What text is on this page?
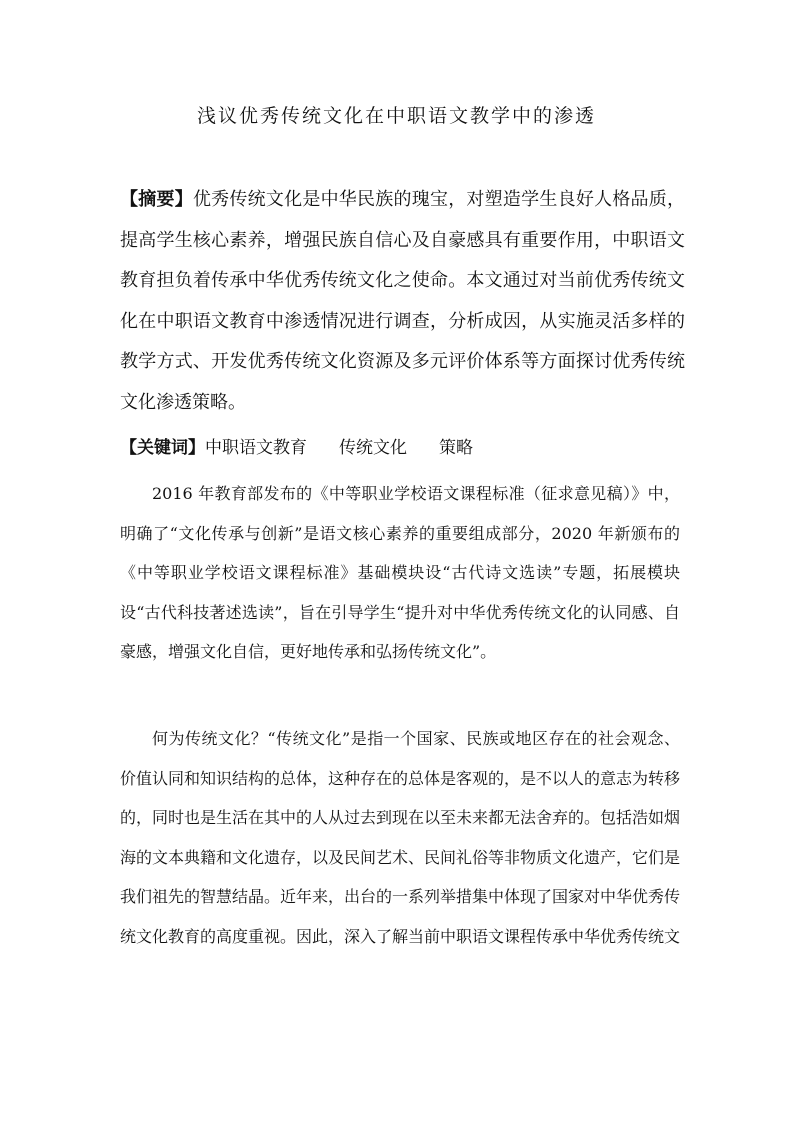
浅议优秀传统文化在中职语文教学中的渗透
【摘要】优秀传统文化是中华民族的瑰宝，对塑造学生良好人格品质，提高学生核心素养，增强民族自信心及自豪感具有重要作用，中职语文教育担负着传承中华优秀传统文化之使命。本文通过对当前优秀传统文化在中职语文教育中渗透情况进行调查，分析成因，从实施灵活多样的教学方式、开发优秀传统文化资源及多元评价体系等方面探讨优秀传统文化渗透策略。
【关键词】中职语文教育 传统文化 策略
2016 年教育部发布的《中等职业学校语文课程标准（征求意见稿）》中，明确了“文化传承与创新”是语文核心素养的重要组成部分，2020 年新颁布的《中等职业学校语文课程标准》基础模块设“古代诗文选读”专题，拓展模块设“古代科技著述选读”，旨在引导学生“提升对中华优秀传统文化的认同感、自豪感，增强文化自信，更好地传承和弘扬传统文化”。
何为传统文化？“传统文化”是指一个国家、民族或地区存在的社会观念、价值认同和知识结构的总体，这种存在的总体是客观的，是不以人的意志为转移的，同时也是生活在其中的人从过去到现在以至未来都无法舍弃的。包括浩如烟海的文本典籍和文化遗存，以及民间艺术、民间礼俗等非物质文化遗产，它们是我们祖先的智慧结晶。近年来，出台的一系列举措集中体现了国家对中华优秀传统文化教育的高度重视。因此，深入了解当前中职语文课程传承中华优秀传统文
